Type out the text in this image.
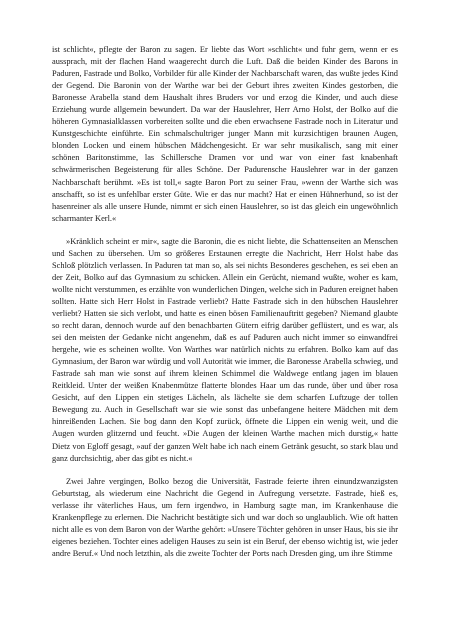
ist schlicht«, pflegte der Baron zu sagen. Er liebte das Wort »schlicht« und fuhr gern, wenn er es aussprach, mit der flachen Hand waagerecht durch die Luft. Daß die beiden Kinder des Barons in Paduren, Fastrade und Bolko, Vorbilder für alle Kinder der Nachbarschaft waren, das wußte jedes Kind der Gegend. Die Baronin von der Warthe war bei der Geburt ihres zweiten Kindes gestorben, die Baronesse Arabella stand dem Haushalt ihres Bruders vor und erzog die Kinder, und auch diese Erziehung wurde allgemein bewundert. Da war der Hauslehrer, Herr Arno Holst, der Bolko auf die höheren Gymnasialklassen vorbereiten sollte und die eben erwachsene Fastrade noch in Literatur und Kunstgeschichte einführte. Ein schmalschultriger junger Mann mit kurzsichtigen braunen Augen, blonden Locken und einem hübschen Mädchengesicht. Er war sehr musikalisch, sang mit einer schönen Baritonstimme, las Schillersche Dramen vor und war von einer fast knabenhaft schwärmerischen Begeisterung für alles Schöne. Der Padurensche Hauslehrer war in der ganzen Nachbarschaft berühmt. »Es ist toll,« sagte Baron Port zu seiner Frau, »wenn der Warthe sich was anschafft, so ist es unfehlbar erster Güte. Wie er das nur macht? Hat er einen Hühnerhund, so ist der hasenreiner als alle unsere Hunde, nimmt er sich einen Hauslehrer, so ist das gleich ein ungewöhnlich scharmanter Kerl.«

»Kränklich scheint er mir«, sagte die Baronin, die es nicht liebte, die Schattenseiten an Menschen und Sachen zu übersehen. Um so größeres Erstaunen erregte die Nachricht, Herr Holst habe das Schloß plötzlich verlassen. In Paduren tat man so, als sei nichts Besonderes geschehen, es sei eben an der Zeit, Bolko auf das Gymnasium zu schicken. Allein ein Gerücht, niemand wußte, woher es kam, wollte nicht verstummen, es erzählte von wunderlichen Dingen, welche sich in Paduren ereignet haben sollten. Hatte sich Herr Holst in Fastrade verliebt? Hatte Fastrade sich in den hübschen Hauslehrer verliebt? Hatten sie sich verlobt, und hatte es einen bösen Familienauftritt gegeben? Niemand glaubte so recht daran, dennoch wurde auf den benachbarten Gütern eifrig darüber geflüstert, und es war, als sei den meisten der Gedanke nicht angenehm, daß es auf Paduren auch nicht immer so einwandfrei hergehe, wie es scheinen wollte. Von Warthes war natürlich nichts zu erfahren. Bolko kam auf das Gymnasium, der Baron war würdig und voll Autorität wie immer, die Baronesse Arabella schwieg, und Fastrade sah man wie sonst auf ihrem kleinen Schimmel die Waldwege entlang jagen im blauen Reitkleid. Unter der weißen Knabenmütze flatterte blondes Haar um das runde, über und über rosa Gesicht, auf den Lippen ein stetiges Lächeln, als lächelte sie dem scharfen Luftzuge der tollen Bewegung zu. Auch in Gesellschaft war sie wie sonst das unbefangene heitere Mädchen mit dem hinreißenden Lachen. Sie bog dann den Kopf zurück, öffnete die Lippen ein wenig weit, und die Augen wurden glitzernd und feucht. »Die Augen der kleinen Warthe machen mich durstig,« hatte Dietz von Egloff gesagt, »auf der ganzen Welt habe ich nach einem Getränk gesucht, so stark blau und ganz durchsichtig, aber das gibt es nicht.«

Zwei Jahre vergingen, Bolko bezog die Universität, Fastrade feierte ihren einundzwanzigsten Geburtstag, als wiederum eine Nachricht die Gegend in Aufregung versetzte. Fastrade, hieß es, verlasse ihr väterliches Haus, um fern irgendwo, in Hamburg sagte man, im Krankenhause die Krankenpflege zu erlernen. Die Nachricht bestätigte sich und war doch so unglaublich. Wie oft hatten nicht alle es von dem Baron von der Warthe gehört: »Unsere Töchter gehören in unser Haus, bis sie ihr eigenes beziehen. Tochter eines adeligen Hauses zu sein ist ein Beruf, der ebenso wichtig ist, wie jeder andre Beruf.« Und noch letzthin, als die zweite Tochter der Ports nach Dresden ging, um ihre Stimme
